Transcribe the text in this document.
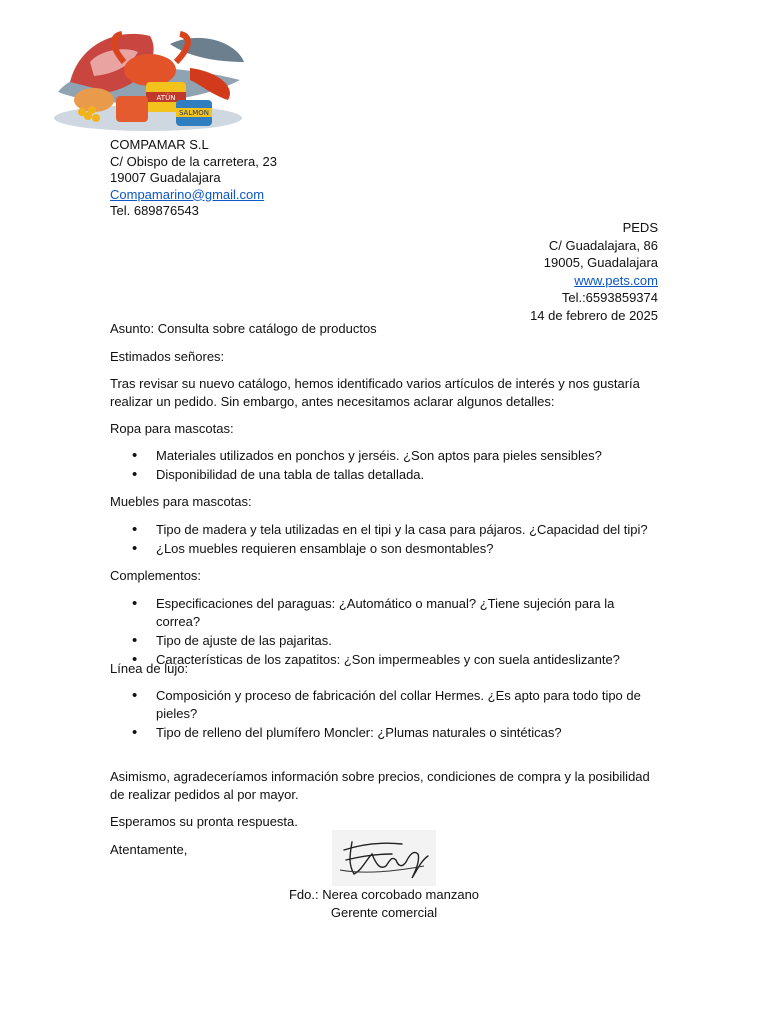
ATÚN
SALMON
COMPAMAR S.L
C/ Obispo de la carretera, 23
19007 Guadalajara
Compamarino@gmail.com
Tel. 689876543
PEDS
C/ Guadalajara, 86
19005, Guadalajara
www.pets.com
Tel.:6593859374
14 de febrero de 2025

Asunto: Consulta sobre catálogo de productos

Estimados señores:

Tras revisar su nuevo catálogo, hemos identificado varios artículos de interés y nos gustaría realizar un pedido. Sin embargo, antes necesitamos aclarar algunos detalles:

Ropa para mascotas:

• Materiales utilizados en ponchos y jerséis. ¿Son aptos para pieles sensibles?
• Disponibilidad de una tabla de tallas detallada.

Muebles para mascotas:

• Tipo de madera y tela utilizadas en el tipi y la casa para pájaros. ¿Capacidad del tipi?
• ¿Los muebles requieren ensamblaje o son desmontables?

Complementos:

• Especificaciones del paraguas: ¿Automático o manual? ¿Tiene sujeción para la correa?
• Tipo de ajuste de las pajaritas.
• Características de los zapatitos: ¿Son impermeables y con suela antideslizante?

Línea de lujo:

• Composición y proceso de fabricación del collar Hermes. ¿Es apto para todo tipo de pieles?
• Tipo de relleno del plumífero Moncler: ¿Plumas naturales o sintéticas?

Asimismo, agradeceríamos información sobre precios, condiciones de compra y la posibilidad de realizar pedidos al por mayor.

Esperamos su pronta respuesta.

Atentamente,

Fdo.: Nerea corcobado manzano
Gerente comercial
